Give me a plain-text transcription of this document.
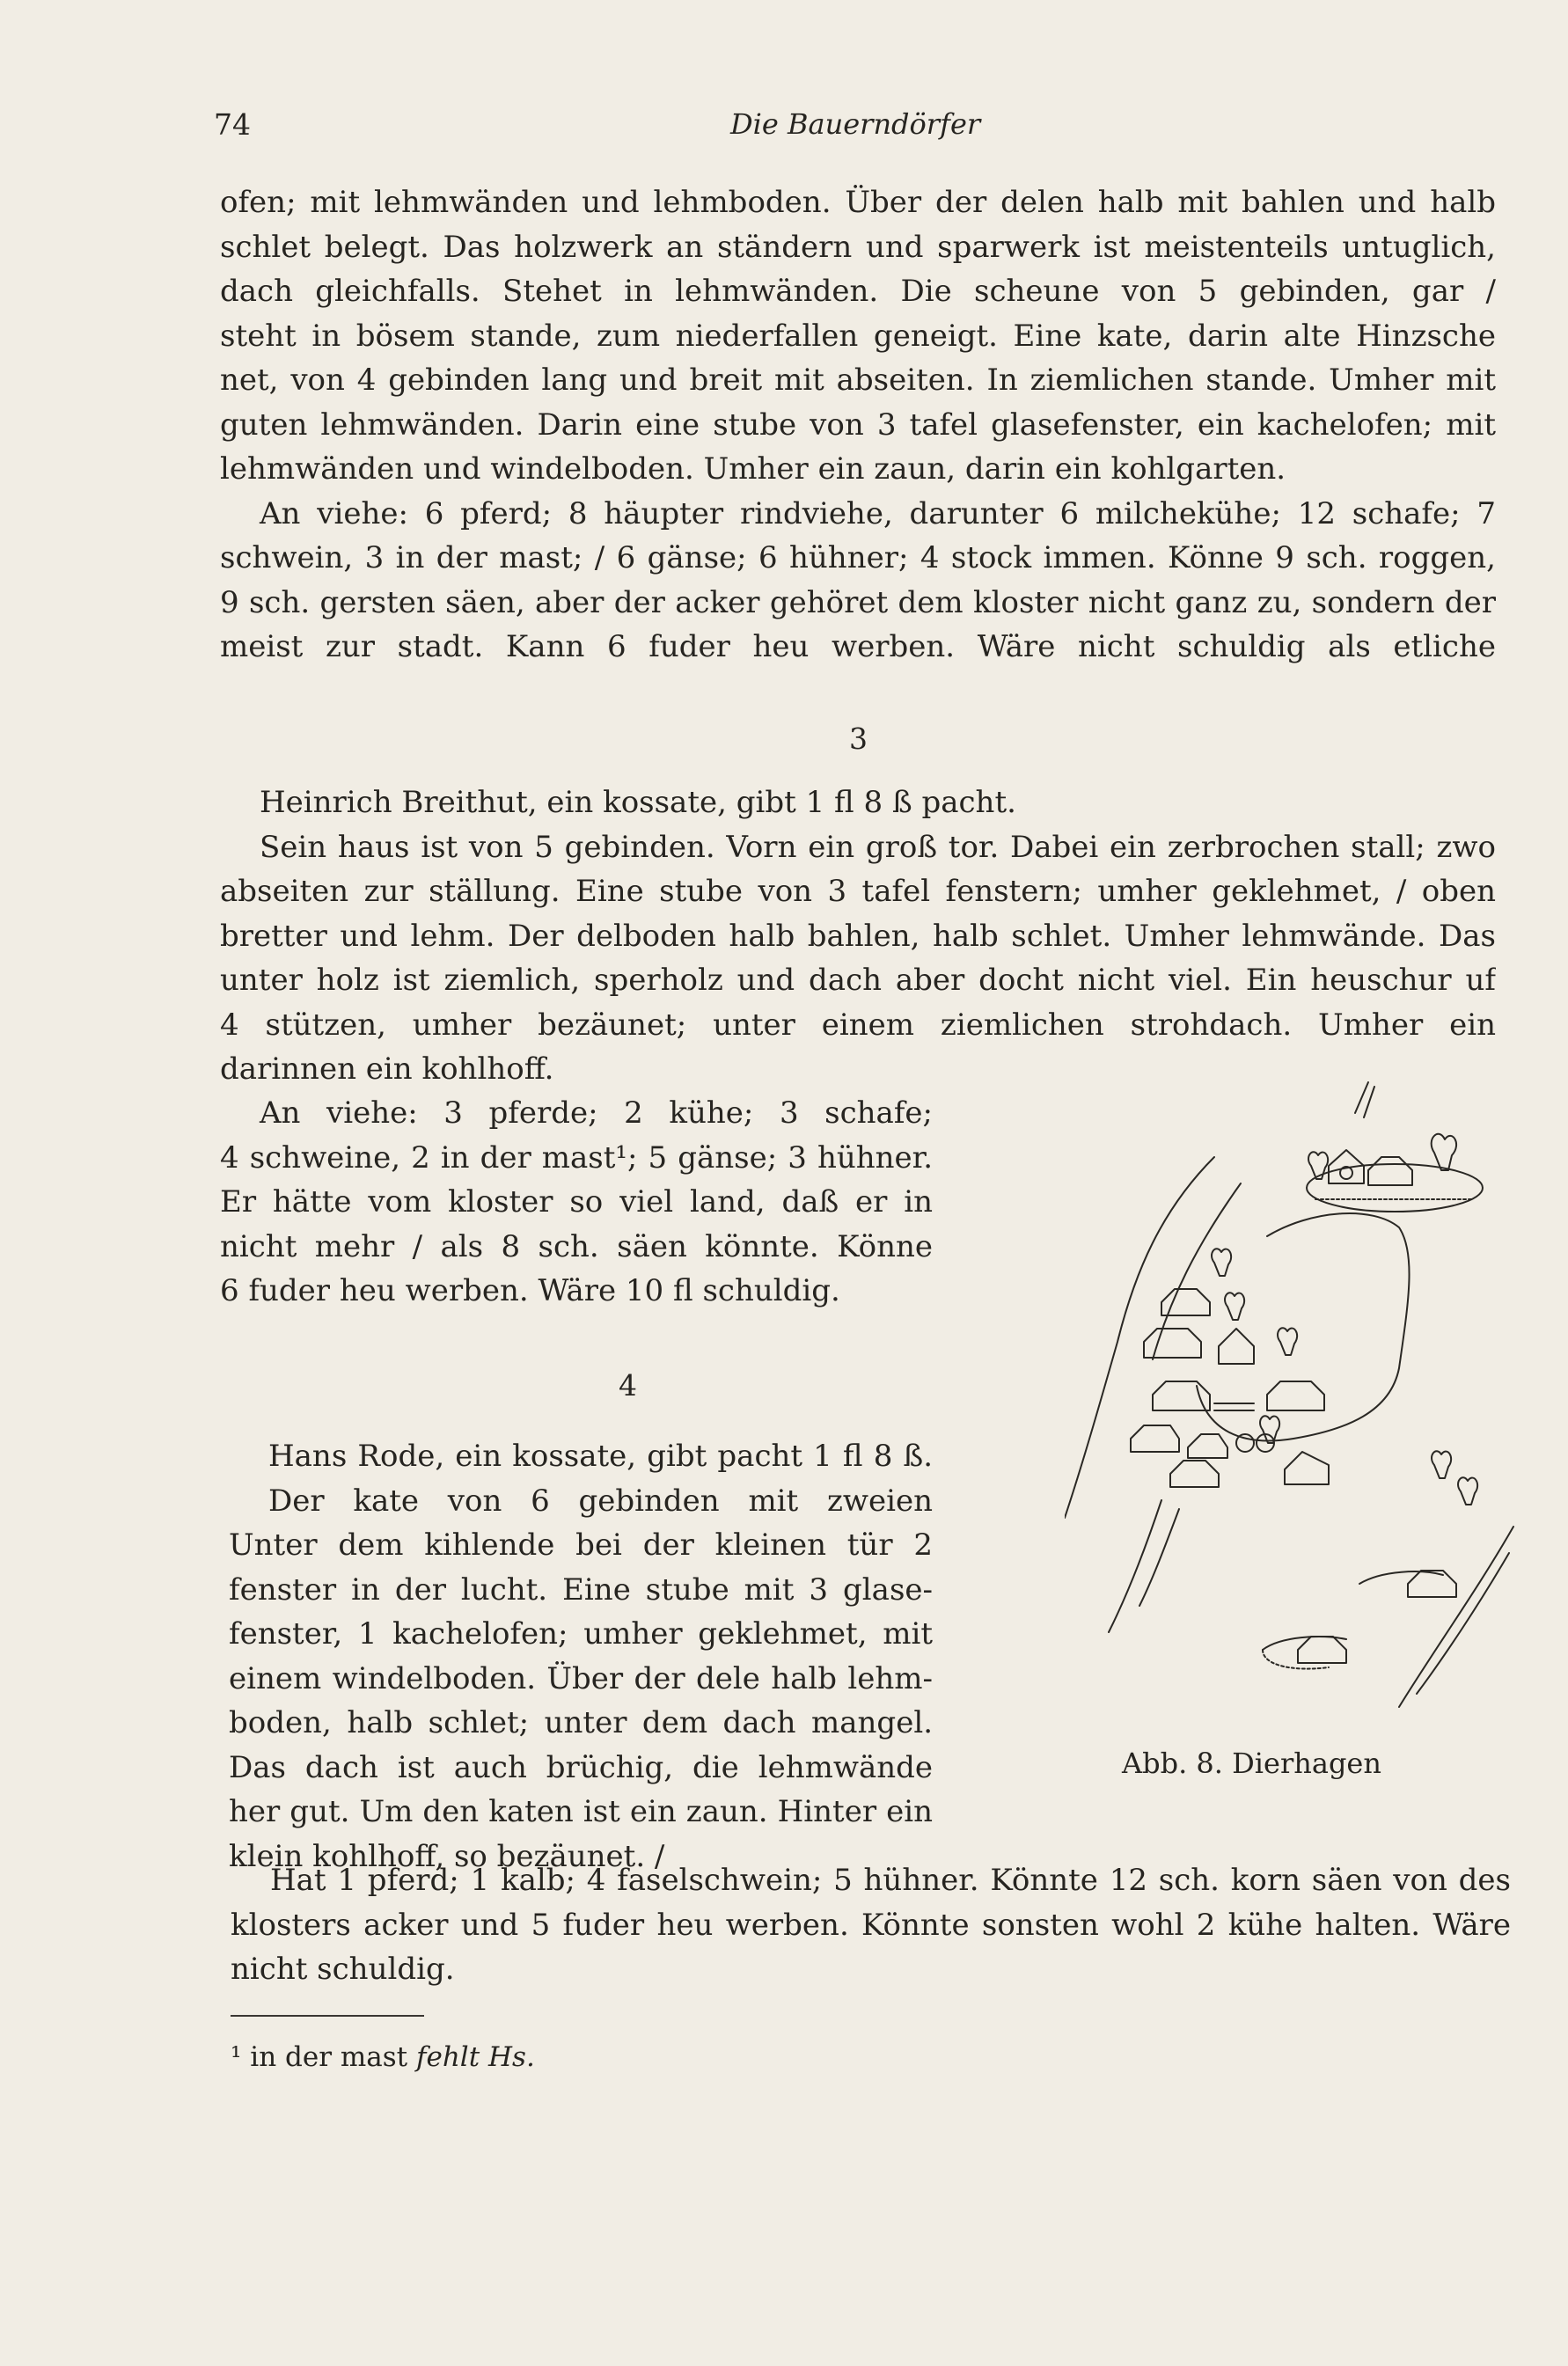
74	Die Bauerndörfer
ofen; mit lehmwänden und lehmboden. Über der delen halb mit bahlen und halb
schlet belegt. Das holzwerk an ständern und sparwerk ist meistenteils untuglich,
dach gleichfalls. Stehet in lehmwänden. Die scheune von 5 gebinden, gar /
steht in bösem stande, zum niederfallen geneigt. Eine kate, darin alte Hinzsche
net, von 4 gebinden lang und breit mit abseiten. In ziemlichen stande. Umher mit
guten lehmwänden. Darin eine stube von 3 tafel glasefenster, ein kachelofen; mit
lehmwänden und windelboden. Umher ein zaun, darin ein kohlgarten.
An viehe: 6 pferd; 8 häupter rindviehe, darunter 6 milchekühe; 12 schafe; 7
schwein, 3 in der mast; / 6 gänse; 6 hühner; 4 stock immen. Könne 9 sch. roggen,
9 sch. gersten säen, aber der acker gehöret dem kloster nicht ganz zu, sondern der
meist zur stadt. Kann 6 fuder heu werben. Wäre nicht schuldig als etliche
3
Heinrich Breithut, ein kossate, gibt 1 fl 8 ß pacht.
Sein haus ist von 5 gebinden. Vorn ein groß tor. Dabei ein zerbrochen stall; zwo
abseiten zur ställung. Eine stube von 3 tafel fenstern; umher geklehmet, / oben
bretter und lehm. Der delboden halb bahlen, halb schlet. Umher lehmwände. Das
unter holz ist ziemlich, sperholz und dach aber docht nicht viel. Ein heuschur uf
4 stützen, umher bezäunet; unter einem ziemlichen strohdach. Umher ein
darinnen ein kohlhoff.
An viehe: 3 pferde; 2 kühe; 3 schafe;
4 schweine, 2 in der mast¹; 5 gänse; 3 hühner.
Er hätte vom kloster so viel land, daß er in
nicht mehr / als 8 sch. säen könnte. Könne
6 fuder heu werben. Wäre 10 fl schuldig.
4
Hans Rode, ein kossate, gibt pacht 1 fl 8 ß.
Der kate von 6 gebinden mit zweien
Unter dem kihlende bei der kleinen tür 2
fenster in der lucht. Eine stube mit 3 glase-
fenster, 1 kachelofen; umher geklehmet, mit
einem windelboden. Über der dele halb lehm-
boden, halb schlet; unter dem dach mangel.
Das dach ist auch brüchig, die lehmwände
her gut. Um den katen ist ein zaun. Hinter ein
klein kohlhoff, so bezäunet. /
Hat 1 pferd; 1 kalb; 4 faselschwein; 5 hühner. Könnte 12 sch. korn säen von des
klosters acker und 5 fuder heu werben. Könnte sonsten wohl 2 kühe halten. Wäre
nicht schuldig.
Abb. 8. Dierhagen
¹ in der mast fehlt Hs.
